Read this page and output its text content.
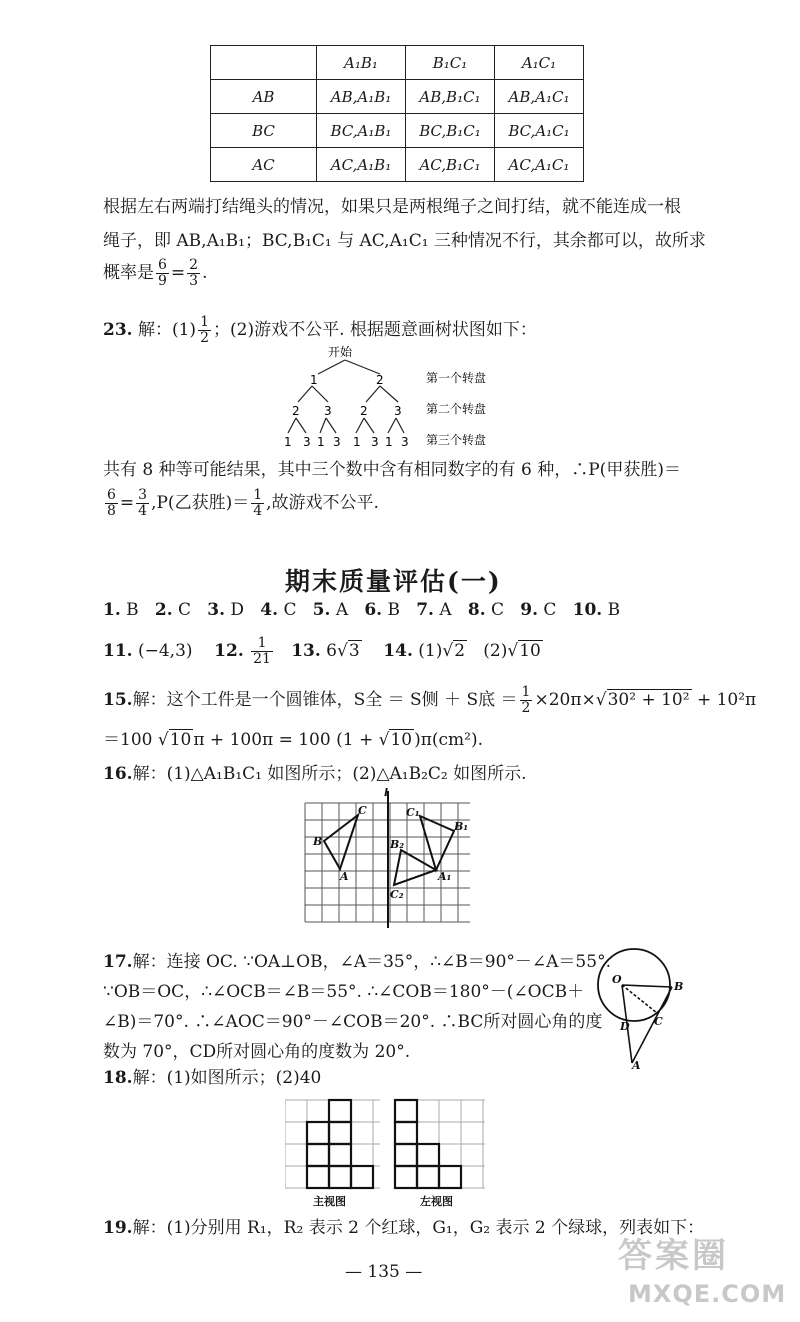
	A₁B₁	B₁C₁	A₁C₁
AB	AB,A₁B₁	AB,B₁C₁	AB,A₁C₁
BC	BC,A₁B₁	BC,B₁C₁	BC,A₁C₁
AC	AC,A₁B₁	AC,B₁C₁	AC,A₁C₁
根据左右两端打结绳头的情况，如果只是两根绳子之间打结，就不能连成一根
绳子，即 AB,A₁B₁；BC,B₁C₁ 与 AC,A₁C₁ 三种情况不行，其余都可以，故所求
概率是 $\frac{6}{9} = \frac{2}{3}$ .
23. 解：$(1) \frac{1}{2}$ ；(2)游戏不公平. 根据题意画树状图如下：
开始
1	2
2 3 2 3
1 3 1 3 1 3 1 3
第一个转盘
第二个转盘
第三个转盘
共有 8 种等可能结果，其中三个数中含有相同数字的有 6 种，∴P(甲获胜)＝
$\frac{6}{8} = \frac{3}{4} ,P$(乙获胜)＝ $\frac{1}{4}$ ,故游戏不公平.
期末质量评估(一)
1. B 2. C 3. D 4. C 5. A 6. B 7. A 8. C 9. C 10. B
11. (−4,3) 12. $\frac{1}{21} 13$. 6√3 14. (1)√2 (2)√10
15.解：这个工件是一个圆锥体，S全 ＝ S侧 ＋ S底 ＝ $\frac{1}{2} \times 20\pi\times√30^2 + 10^2 + 10^2\pi$
＝100 √10 π + 100π = 100 (1 + √10 )π(cm²).
16.解：(1)△A₁B₁C₁ 如图所示；(2)△A₁B₂C₂ 如图所示.
l
C
B
A
C₁
B₁
B₂
A₁
C₂
17.解：连接 OC. ∵OA⊥OB，∠A＝35°，∴∠B＝90°－∠A＝55°.
∵OB＝OC，∴∠OCB＝∠B＝55°. ∴∠COB＝180°－(∠OCB＋
∠B)＝70°. ∴∠AOC＝90°－∠COB＝20°. ∴BC所对圆心角的度
数为 70°，CD所对圆心角的度数为 20°.
O
B
C
D
A
18.解：(1)如图所示；(2)40
主视图	左视图
19.解：(1)分别用 R₁，R₂ 表示 2 个红球，G₁，G₂ 表示 2 个绿球，列表如下：
— 135 —	答案圈
MXQE.COM
